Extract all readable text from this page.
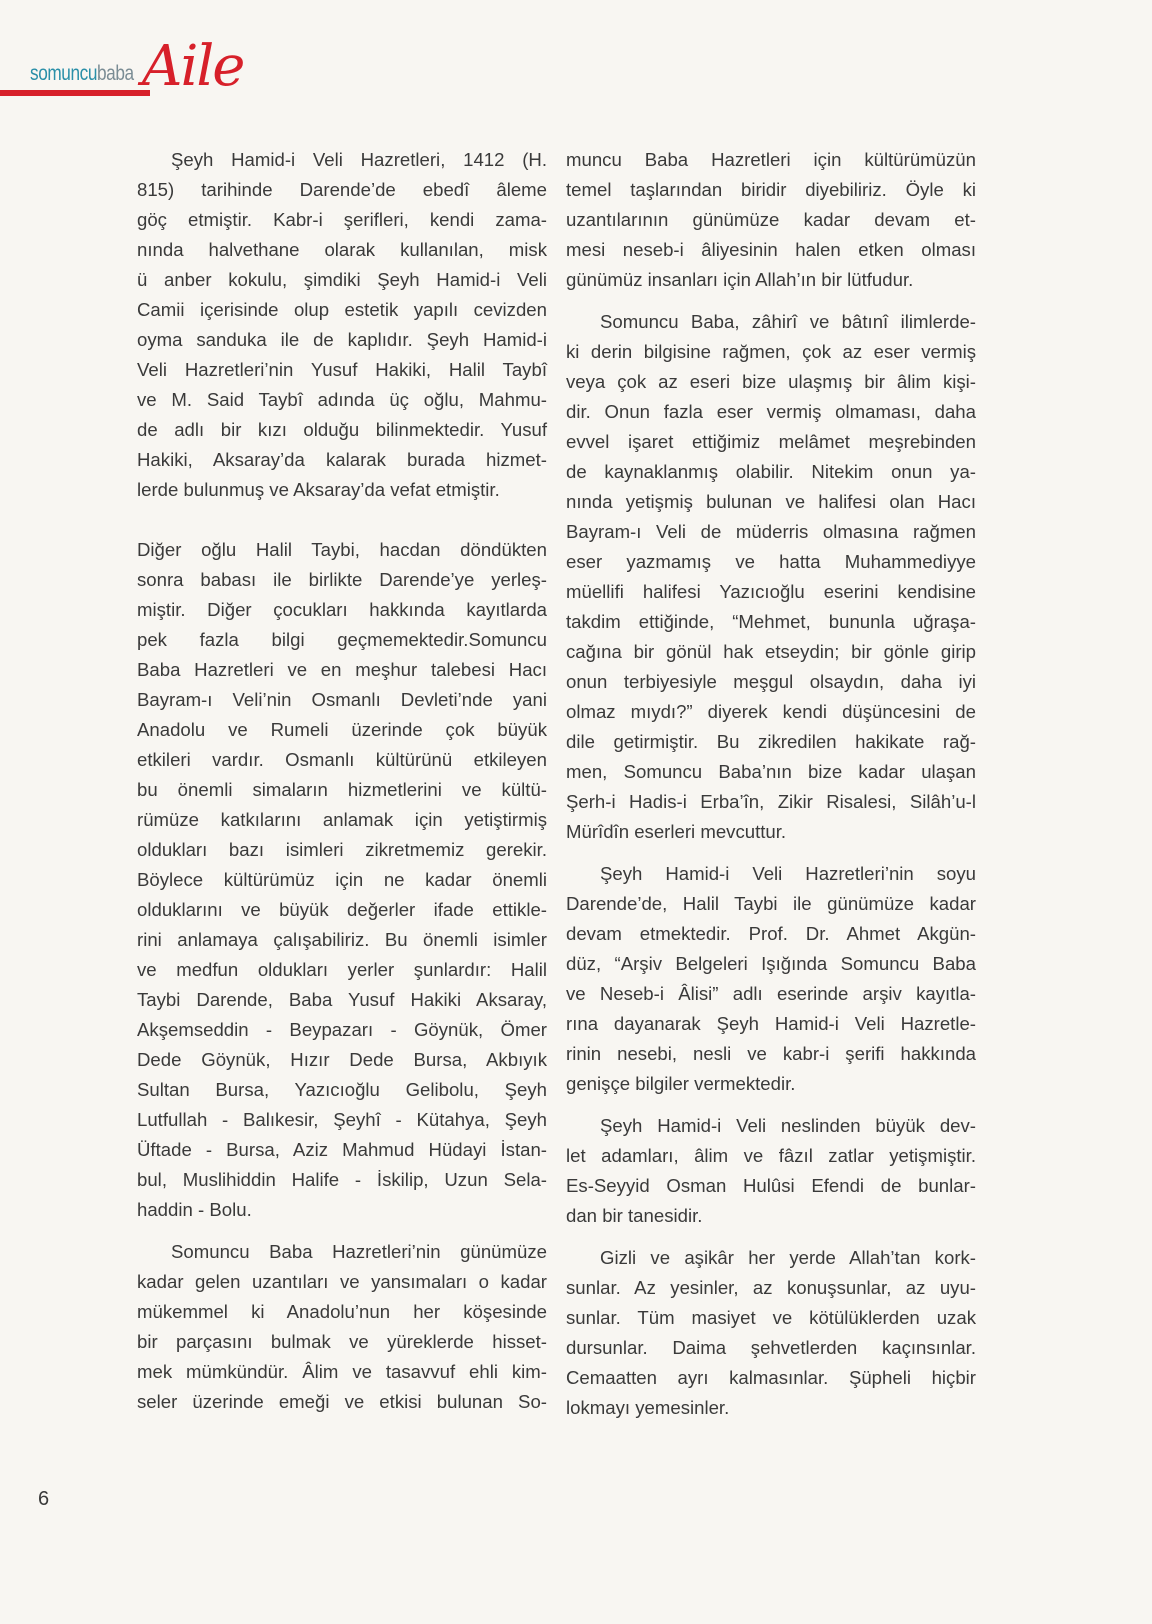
somuncubaba Aile
Şeyh Hamid-i Veli Hazretleri, 1412 (H.
815) tarihinde Darende’de ebedî âleme
göç etmiştir. Kabr-i şerifleri, kendi zama-
nında halvethane olarak kullanılan, misk
ü anber kokulu, şimdiki Şeyh Hamid-i Veli
Camii içerisinde olup estetik yapılı cevizden
oyma sanduka ile de kaplıdır. Şeyh Hamid-i
Veli Hazretleri’nin Yusuf Hakiki, Halil Taybî
ve M. Said Taybî adında üç oğlu, Mahmu-
de adlı bir kızı olduğu bilinmektedir. Yusuf
Hakiki, Aksaray’da kalarak burada hizmet-
lerde bulunmuş ve Aksaray’da vefat etmiştir.
Diğer oğlu Halil Taybi, hacdan döndükten
sonra babası ile birlikte Darende’ye yerleş-
miştir. Diğer çocukları hakkında kayıtlarda
pek fazla bilgi geçmemektedir.Somuncu
Baba Hazretleri ve en meşhur talebesi Hacı
Bayram-ı Veli’nin Osmanlı Devleti’nde yani
Anadolu ve Rumeli üzerinde çok büyük
etkileri vardır. Osmanlı kültürünü etkileyen
bu önemli simaların hizmetlerini ve kültü-
rümüze katkılarını anlamak için yetiştirmiş
oldukları bazı isimleri zikretmemiz gerekir.
Böylece kültürümüz için ne kadar önemli
olduklarını ve büyük değerler ifade ettikle-
rini anlamaya çalışabiliriz. Bu önemli isimler
ve medfun oldukları yerler şunlardır: Halil
Taybi Darende, Baba Yusuf Hakiki Aksaray,
Akşemseddin - Beypazarı - Göynük, Ömer
Dede Göynük, Hızır Dede Bursa, Akbıyık
Sultan Bursa, Yazıcıoğlu Gelibolu, Şeyh
Lutfullah - Balıkesir, Şeyhî - Kütahya, Şeyh
Üftade - Bursa, Aziz Mahmud Hüdayi İstan-
bul, Muslihiddin Halife - İskilip, Uzun Sela-
haddin - Bolu.
Somuncu Baba Hazretleri’nin günümüze
kadar gelen uzantıları ve yansımaları o kadar
mükemmel ki Anadolu’nun her köşesinde
bir parçasını bulmak ve yüreklerde hisset-
mek mümkündür. Âlim ve tasavvuf ehli kim-
seler üzerinde emeği ve etkisi bulunan So-
muncu Baba Hazretleri için kültürümüzün
temel taşlarından biridir diyebiliriz. Öyle ki
uzantılarının günümüze kadar devam et-
mesi neseb-i âliyesinin halen etken olması
günümüz insanları için Allah’ın bir lütfudur.
Somuncu Baba, zâhirî ve bâtınî ilimlerde-
ki derin bilgisine rağmen, çok az eser vermiş
veya çok az eseri bize ulaşmış bir âlim kişi-
dir. Onun fazla eser vermiş olmaması, daha
evvel işaret ettiğimiz melâmet meşrebinden
de kaynaklanmış olabilir. Nitekim onun ya-
nında yetişmiş bulunan ve halifesi olan Hacı
Bayram-ı Veli de müderris olmasına rağmen
eser yazmamış ve hatta Muhammediyye
müellifi halifesi Yazıcıoğlu eserini kendisine
takdim ettiğinde, “Mehmet, bununla uğraşa-
cağına bir gönül hak etseydin; bir gönle girip
onun terbiyesiyle meşgul olsaydın, daha iyi
olmaz mıydı?” diyerek kendi düşüncesini de
dile getirmiştir. Bu zikredilen hakikate rağ-
men, Somuncu Baba’nın bize kadar ulaşan
Şerh-i Hadis-i Erba’în, Zikir Risalesi, Silâh’u-l
Mürîdîn eserleri mevcuttur.
Şeyh Hamid-i Veli Hazretleri’nin soyu
Darende’de, Halil Taybi ile günümüze kadar
devam etmektedir. Prof. Dr. Ahmet Akgün-
düz, “Arşiv Belgeleri Işığında Somuncu Baba
ve Neseb-i Âlisi” adlı eserinde arşiv kayıtla-
rına dayanarak Şeyh Hamid-i Veli Hazretle-
rinin nesebi, nesli ve kabr-i şerifi hakkında
genişçe bilgiler vermektedir.
Şeyh Hamid-i Veli neslinden büyük dev-
let adamları, âlim ve fâzıl zatlar yetişmiştir.
Es-Seyyid Osman Hulûsi Efendi de bunlar-
dan bir tanesidir.
Gizli ve aşikâr her yerde Allah’tan kork-
sunlar. Az yesinler, az konuşsunlar, az uyu-
sunlar. Tüm masiyet ve kötülüklerden uzak
dursunlar. Daima şehvetlerden kaçınsınlar.
Cemaatten ayrı kalmasınlar. Şüpheli hiçbir
lokmayı yemesinler.
6
